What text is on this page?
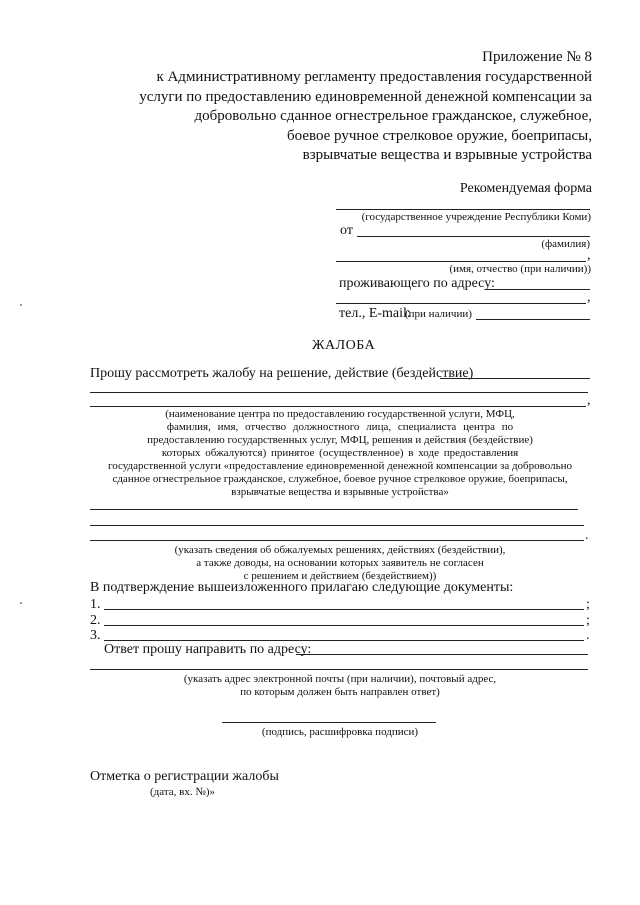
Приложение № 8
к Административному регламенту предоставления государственной
услуги по предоставлению единовременной денежной компенсации за
добровольно сданное огнестрельное гражданское, служебное,
боевое ручное стрелковое оружие, боеприпасы,
взрывчатые вещества и взрывные устройства
Рекомендуемая форма
(государственное учреждение Республики Коми)
от
(фамилия)
,
(имя, отчество (при наличии))
проживающего по адресу:
,
тел., E-mail:
(при наличии)
ЖАЛОБА
Прошу рассмотреть жалобу на решение, действие (бездействие)
,
(наименование центра по предоставлению государственной услуги, МФЦ,
фамилия, имя, отчество должностного лица, специалиста центра по
предоставлению государственных услуг, МФЦ, решения и действия (бездействие)
которых обжалуются) принятое (осуществленное) в ходе предоставления
государственной услуги «предоставление единовременной денежной компенсации за добровольно
сданное огнестрельное гражданское, служебное, боевое ручное стрелковое оружие, боеприпасы,
взрывчатые вещества и взрывные устройства»
.
(указать сведения об обжалуемых решениях, действиях (бездействии),
а также доводы, на основании которых заявитель не согласен
с решением и действием (бездействием))
В подтверждение вышеизложенного прилагаю следующие документы:
1.	;
2.	;
3.	.
Ответ прошу направить по адресу:
(указать адрес электронной почты (при наличии), почтовый адрес,
по которым должен быть направлен ответ)
(подпись, расшифровка подписи)
Отметка о регистрации жалобы
(дата, вх. №)»
